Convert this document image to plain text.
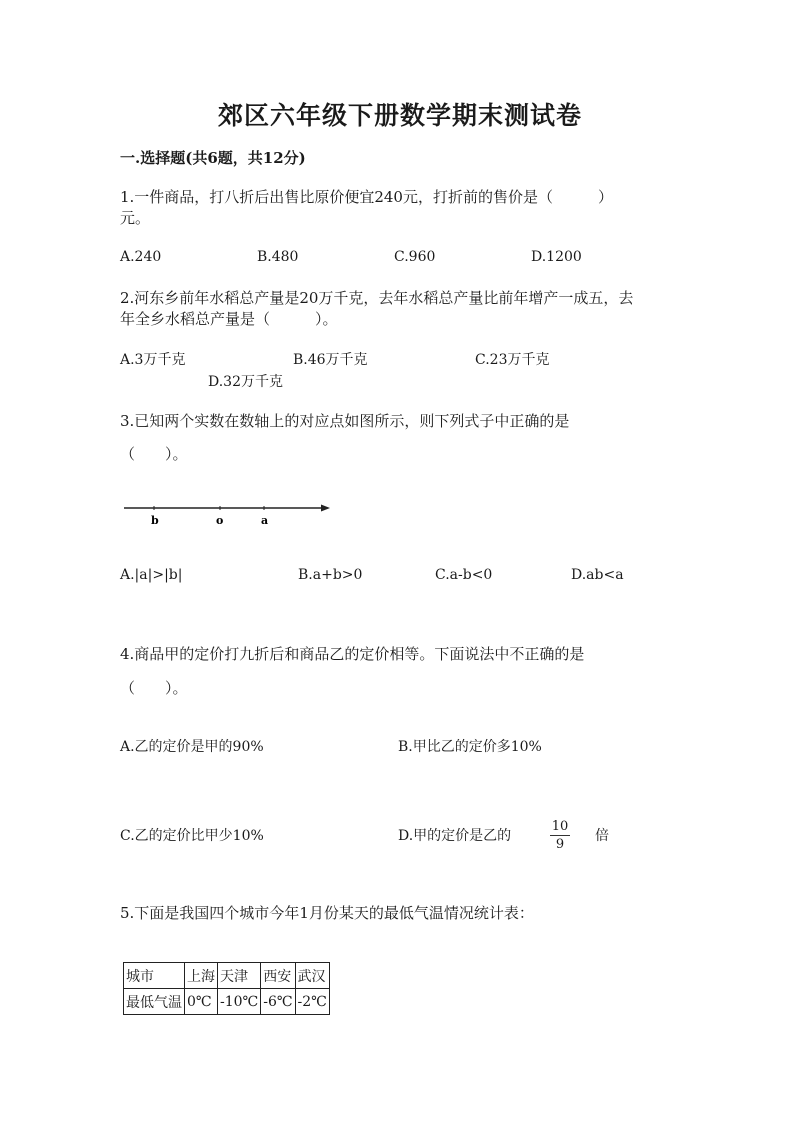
郊区六年级下册数学期末测试卷
一.选择题(共6题，共12分)
1.一件商品，打八折后出售比原价便宜240元，打折前的售价是（　　　）
元。
A.240	B.480	C.960	D.1200
2.河东乡前年水稻总产量是20万千克，去年水稻总产量比前年增产一成五，去
年全乡水稻总产量是（　　　）。
A.3万千克	B.46万千克	C.23万千克
D.32万千克
3.已知两个实数在数轴上的对应点如图所示，则下列式子中正确的是
（　　）。
b	o	a
A.|a|>|b|	B.a+b>0	C.a-b<0	D.ab<a
4.商品甲的定价打九折后和商品乙的定价相等。下面说法中不正确的是
（　　）。
A.乙的定价是甲的90%	B.甲比乙的定价多10%
C.乙的定价比甲少10%	D.甲的定价是乙的
10
9
倍
5.下面是我国四个城市今年1月份某天的最低气温情况统计表：
城市	上海	天津	西安	武汉
最低气温	0℃	-10℃	-6℃	-2℃
